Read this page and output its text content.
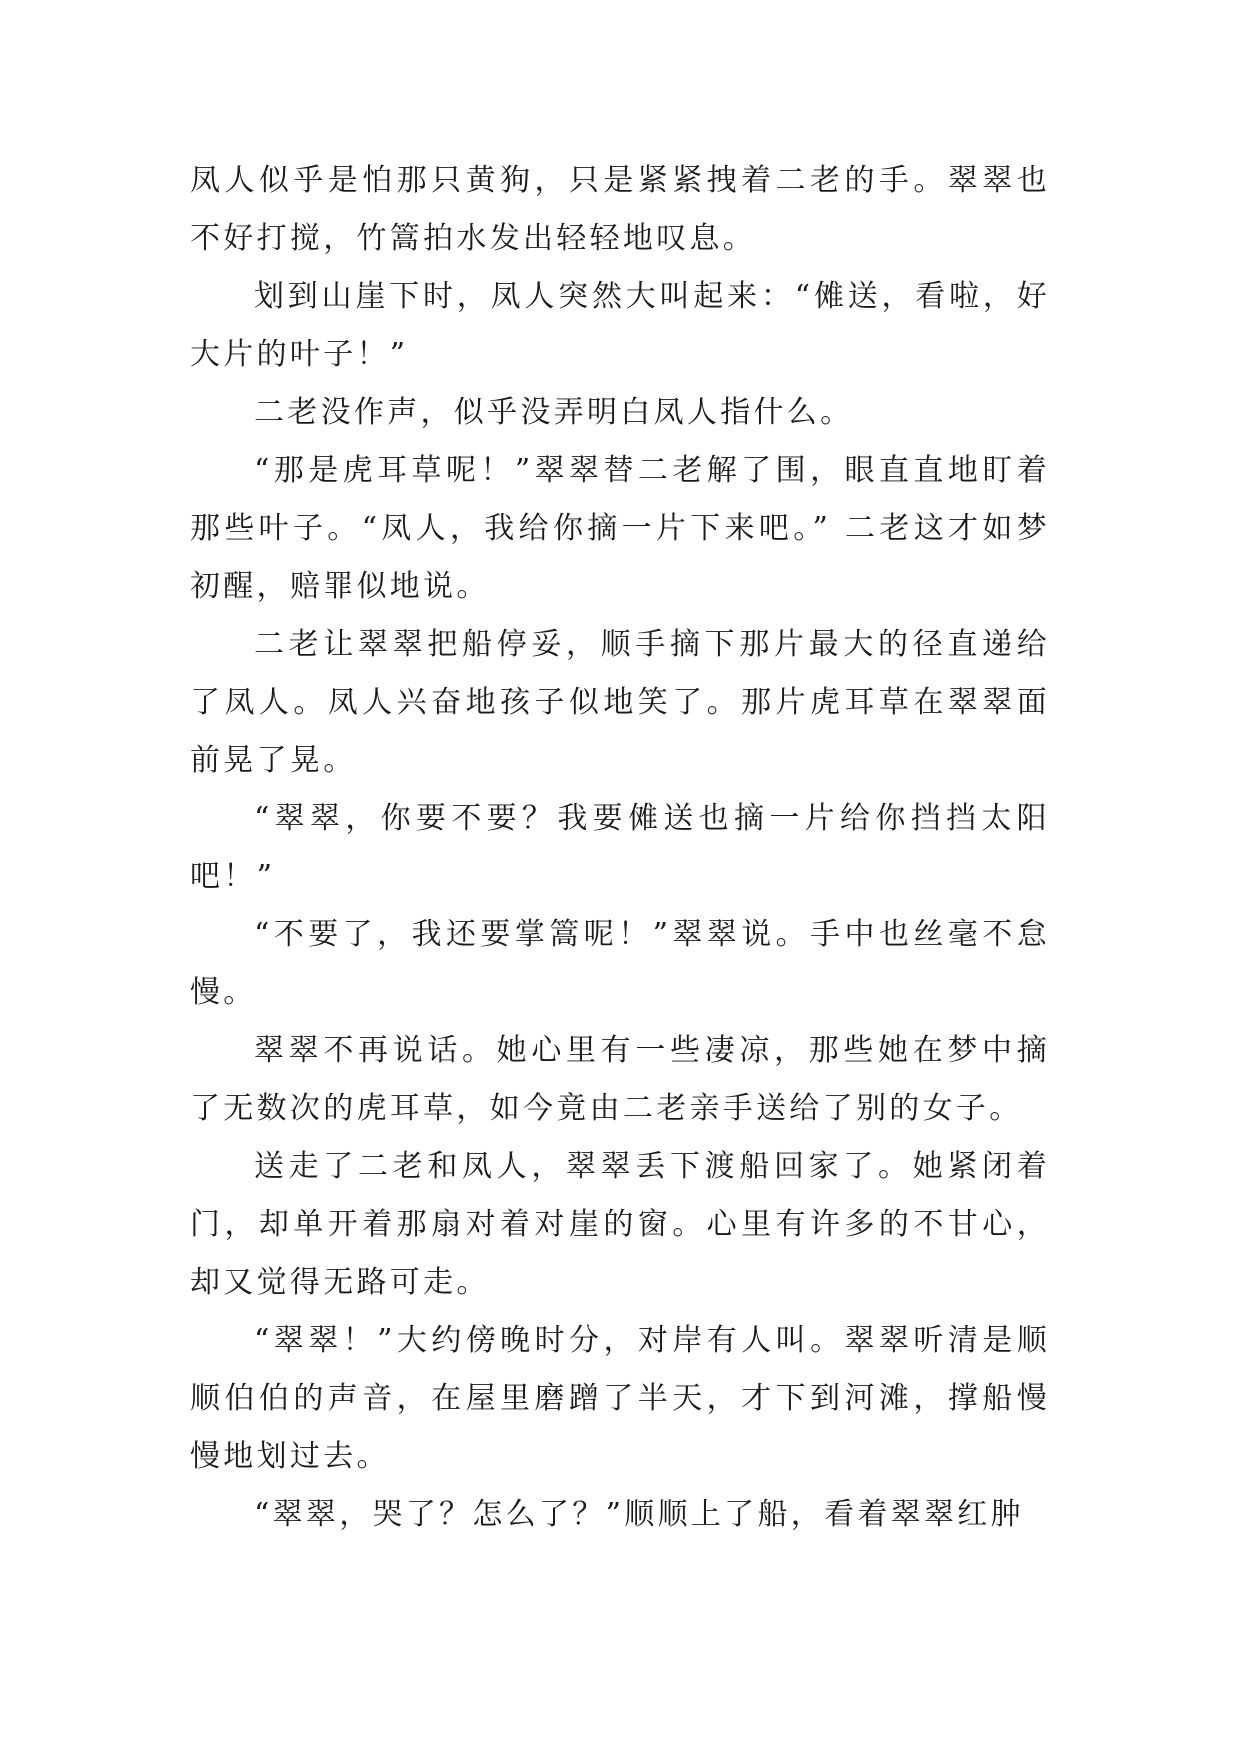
凤人似乎是怕那只黄狗，只是紧紧拽着二老的手。翠翠也不好打搅，竹篙拍水发出轻轻地叹息。

划到山崖下时，凤人突然大叫起来：“傩送，看啦，好大片的叶子！”

二老没作声，似乎没弄明白凤人指什么。

“那是虎耳草呢！”翠翠替二老解了围，眼直直地盯着那些叶子。“凤人，我给你摘一片下来吧。” 二老这才如梦初醒，赔罪似地说。

二老让翠翠把船停妥，顺手摘下那片最大的径直递给了凤人。凤人兴奋地孩子似地笑了。那片虎耳草在翠翠面前晃了晃。

“翠翠，你要不要？我要傩送也摘一片给你挡挡太阳吧！”

“不要了，我还要掌篙呢！”翠翠说。手中也丝毫不怠慢。

翠翠不再说话。她心里有一些凄凉，那些她在梦中摘了无数次的虎耳草，如今竟由二老亲手送给了别的女子。

送走了二老和凤人，翠翠丢下渡船回家了。她紧闭着门，却单开着那扇对着对崖的窗。心里有许多的不甘心，却又觉得无路可走。

“翠翠！”大约傍晚时分，对岸有人叫。翠翠听清是顺顺伯伯的声音，在屋里磨蹭了半天，才下到河滩，撑船慢慢地划过去。

“翠翠，哭了？怎么了？”顺顺上了船，看着翠翠红肿
